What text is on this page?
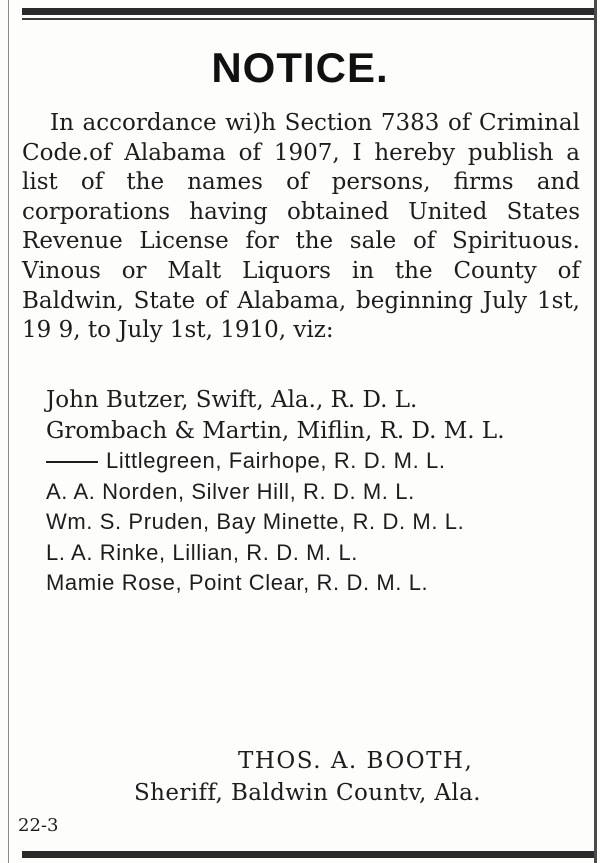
NOTICE.

In accordance wi)h Section 7383 of Criminal Code.of Alabama of 1907, I hereby publish a list of the names of persons, firms and corporations having obtained United States Revenue License for the sale of Spirituous. Vinous or Malt Liquors in the County of Baldwin, State of Alabama, beginning July 1st, 19 9, to July 1st, 1910, viz:

John Butzer, Swift, Ala., R. D. L.

Grombach & Martin, Miflin, R. D. M. L.

Littlegreen, Fairhope, R. D. M. L.

A. A. Norden, Silver Hill, R. D. M. L.

Wm. S. Pruden, Bay Minette, R. D. M. L.

L. A. Rinke, Lillian, R. D. M. L.

Mamie Rose, Point Clear, R. D. M. L.

THOS. A. BOOTH,
Sheriff, Baldwin Countv, Ala.
22-3
